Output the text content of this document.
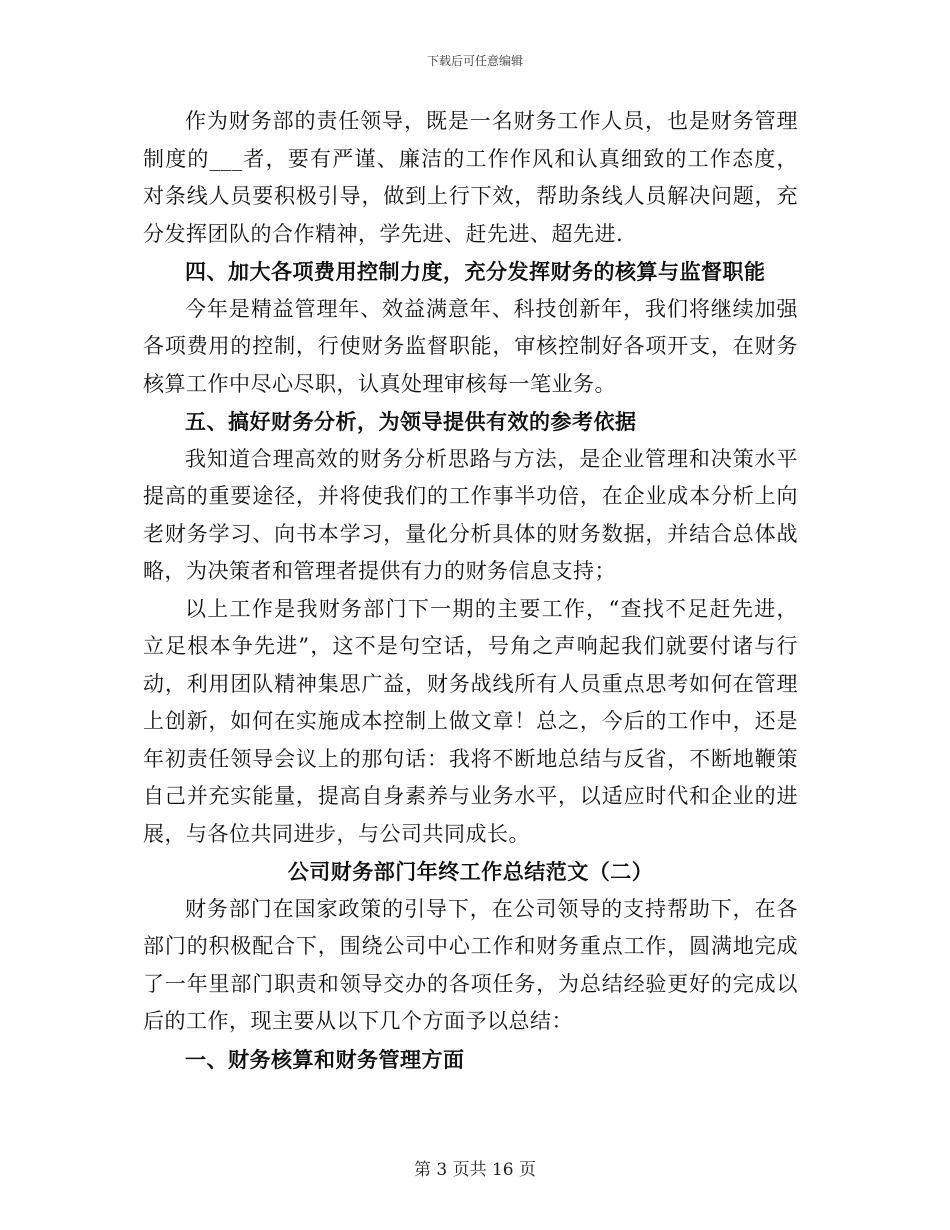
下载后可任意编辑

作为财务部的责任领导，既是一名财务工作人员，也是财务管理制度的___者，要有严谨、廉洁的工作作风和认真细致的工作态度，对条线人员要积极引导，做到上行下效，帮助条线人员解决问题，充分发挥团队的合作精神，学先进、赶先进、超先进.

四、加大各项费用控制力度，充分发挥财务的核算与监督职能

今年是精益管理年、效益满意年、科技创新年，我们将继续加强各项费用的控制，行使财务监督职能，审核控制好各项开支，在财务核算工作中尽心尽职，认真处理审核每一笔业务。

五、搞好财务分析，为领导提供有效的参考依据

我知道合理高效的财务分析思路与方法，是企业管理和决策水平提高的重要途径，并将使我们的工作事半功倍，在企业成本分析上向老财务学习、向书本学习，量化分析具体的财务数据，并结合总体战略，为决策者和管理者提供有力的财务信息支持；

以上工作是我财务部门下一期的主要工作，“查找不足赶先进，立足根本争先进”，这不是句空话，号角之声响起我们就要付诸与行动，利用团队精神集思广益，财务战线所有人员重点思考如何在管理上创新，如何在实施成本控制上做文章！总之，今后的工作中，还是年初责任领导会议上的那句话：我将不断地总结与反省，不断地鞭策自己并充实能量，提高自身素养与业务水平，以适应时代和企业的进展，与各位共同进步，与公司共同成长。

公司财务部门年终工作总结范文（二）

财务部门在国家政策的引导下，在公司领导的支持帮助下，在各部门的积极配合下，围绕公司中心工作和财务重点工作，圆满地完成了一年里部门职责和领导交办的各项任务，为总结经验更好的完成以后的工作，现主要从以下几个方面予以总结：

一、财务核算和财务管理方面

第 3 页共 16 页
